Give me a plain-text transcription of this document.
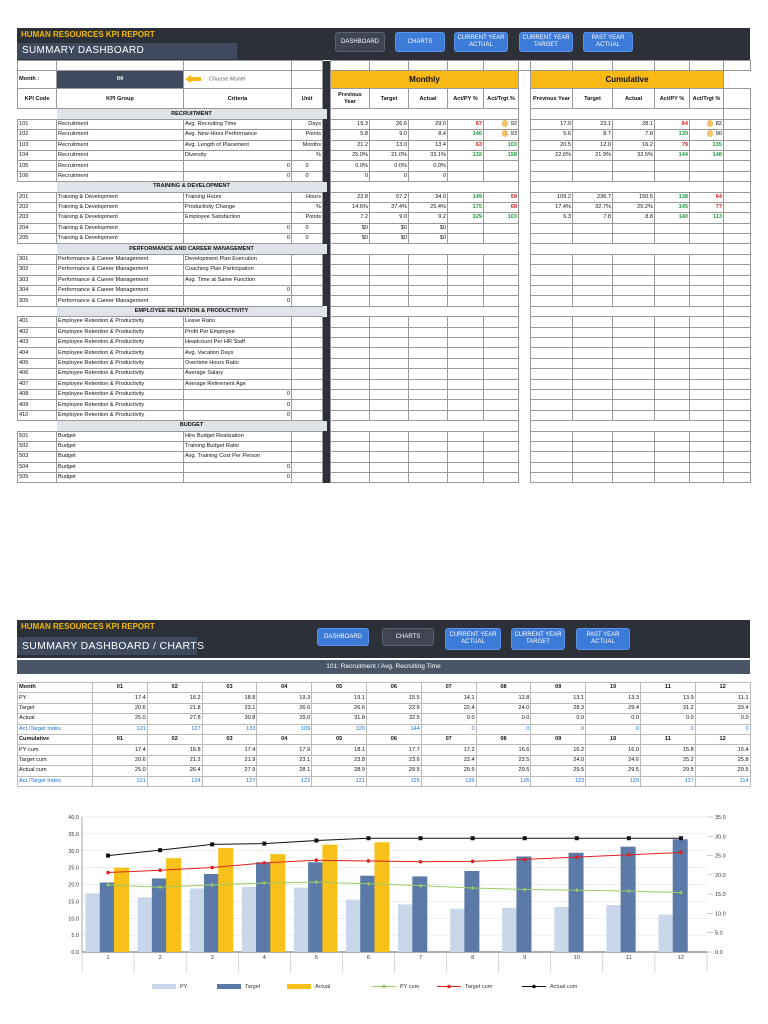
HUMAN RESOURCES KPI REPORT
SUMMARY DASHBOARD
DASHBOARD	CHARTS
CURRENT YEAR ACTUAL
CURRENT YEAR TARGET
PAST YEAR ACTUAL

Month :	04	Choose Month				Monthly						Cumulative					
KPI Code	KPI Group	Criteria	Unit			Previous Year	Target	Actual	Act/PY %	Act/Trgt %		Previous Year	Target	Actual	Act/PY %	Act/Trgt %	
	RECRUITMENT																
101	Recruitment	Avg. Recruiting Time	Days			19.3	26.6	29.0	67	92		17.9	23.1	28.1	64	82	
102	Recruitment	Avg. New Hires Performance	Points			5.8	9.0	8.4	146	93		5.6	8.7	7.8	139	90	
103	Recruitment	Avg. Length of Placement	Months			21.2	13.0	13.4	63	103		20.5	12.0	16.2	79	135	
104	Recruitment	Diversity	%			25.0%	21.0%	33.1%	132	158		22.6%	21.9%	32.5%	144	148	
105	Recruitment	0	0			0.0%	0.0%	0.0%									
106	Recruitment	0	0			0	0	0									
	TRAINING & DEVELOPMENT																
201	Training & Development	Training Hours	Hours			22.8	57.2	34.0	149	59		109.2	236.7	150.5	138	64	
202	Training & Development	Productivity Change	%			14.6%	37.4%	25.4%	175	68		17.4%	32.7%	25.2%	145	77	
203	Training & Development	Employee Satisfaction	Points			7.2	9.0	9.2	129	103		6.3	7.8	8.8	140	113	
204	Training & Development	0	0			$0	$0	$0									
205	Training & Development	0	0			$0	$0	$0									
	PERFORMANCE AND CAREER MANAGEMENT																
301	Performance & Career Management	Development Plan Execution															
302	Performance & Career Management	Coaching Plan Participation															
303	Performance & Career Management	Avg. Time at Same Function															
304	Performance & Career Management	0															
305	Performance & Career Management	0															
	EMPLOYEE RETENTION & PRODUCTIVITY																
401	Employee Retention & Productivity	Leave Ratio															
402	Employee Retention & Productivity	Profit Per Employee															
403	Employee Retention & Productivity	Headcount Per HR Staff															
404	Employee Retention & Productivity	Avg. Vacation Days															
405	Employee Retention & Productivity	Overtime Hours Ratio															
406	Employee Retention & Productivity	Average Salary															
407	Employee Retention & Productivity	Average Retirement Age															
408	Employee Retention & Productivity	0															
409	Employee Retention & Productivity	0															
410	Employee Retention & Productivity	0															
	BUDGET																
501	Budget	Hire Budget Realization															
502	Budget	Training Budget Ratio															
503	Budget	Avg. Training Cost Per Person															
504	Budget	0															
505	Budget	0															
HUMAN RESOURCES KPI REPORT
SUMMARY DASHBOARD / CHARTS
DASHBOARD	CHARTS	CURRENT YEAR ACTUAL
CURRENT YEAR TARGET
PAST YEAR ACTUAL
101: Recruitment / Avg. Recruiting Time
Month	01	02	03	04	05	06	07	08	09	10	11	12
PY	17.4	16.2	18.8	19.3	19.1	15.5	14.1	12.8	13.1	13.3	13.9	11.1
Target	20.6	21.8	23.1	26.6	26.6	22.6	22.4	24.0	28.3	29.4	31.2	33.4
Actual	25.0	27.8	30.8	29.0	31.8	32.5	0.0	0.0	0.0	0.0	0.0	0.0
Act./Target Index	121	127	133	109	120	144	0	0	0	0	0	0
Cumulative	01	02	03	04	05	06	07	08	09	10	11	12
PY cum	17.4	16.8	17.4	17.9	18.1	17.7	17.2	16.6	16.2	16.0	15.8	15.4
Target cum	20.6	21.2	21.9	23.1	23.8	23.6	23.4	23.5	24.0	24.6	25.2	25.8
Actual cum	25.0	26.4	27.9	28.1	28.9	29.5	29.5	29.5	29.5	29.5	29.5	29.5
Act./Target Index	121	124	127	122	121	125	126	126	123	120	117	114
0.0
5.0
10.0
15.0
20.0
25.0
30.0
35.0
40.0
0.0
5.0
10.0
15.0
20.0
25.0
30.0
35.0
1	2	3	4	5	6	7	8	9	10	11	12
PY	Target	Actual	PY cum	Target cum	Actual cum
